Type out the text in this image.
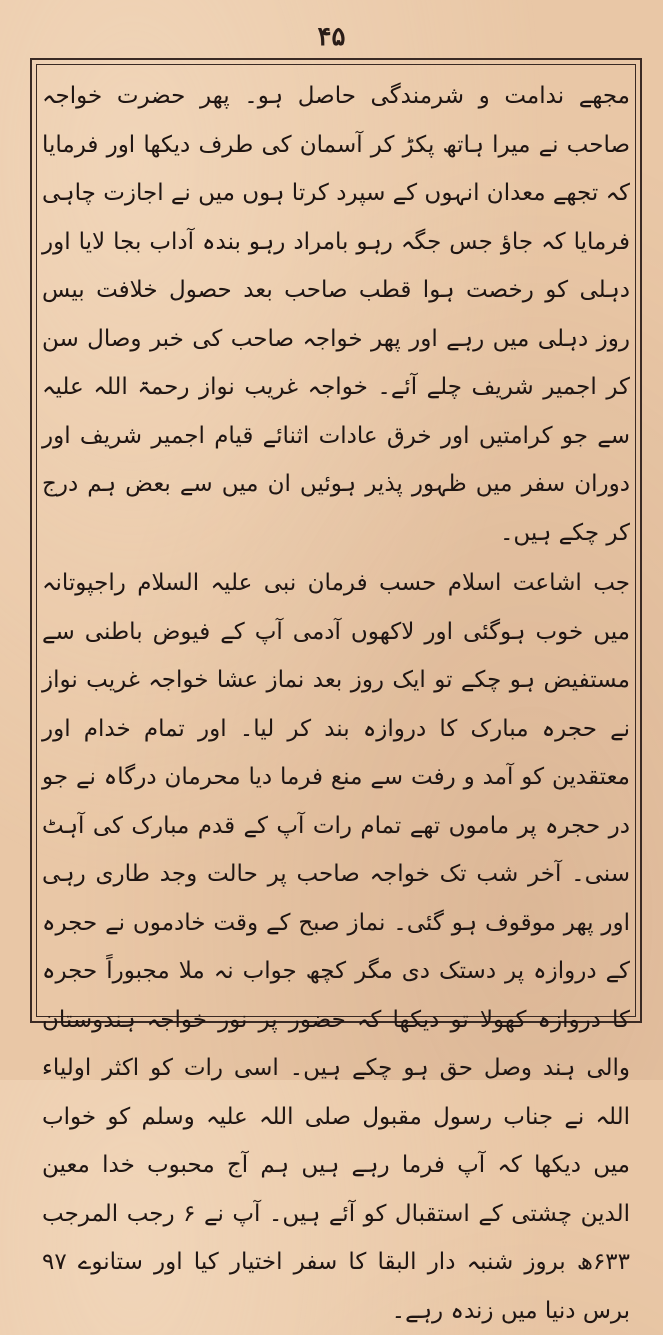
۴۵

مجھے ندامت و شرمندگی حاصل ہو۔ پھر حضرت خواجہ صاحب نے میرا ہاتھ پکڑ کر آسمان کی طرف دیکھا اور فرمایا کہ تجھے معدان انہوں کے سپرد کرتا ہوں میں نے اجازت چاہی فرمایا کہ جاؤ جس جگہ رہو بامراد رہو بندہ آداب بجا لایا اور دہلی کو رخصت ہوا قطب صاحب بعد حصول خلافت بیس روز دہلی میں رہے اور پھر خواجہ صاحب کی خبر وصال سن کر اجمیر شریف چلے آئے۔ خواجہ غریب نواز رحمۃ اللہ علیہ سے جو کرامتیں اور خرق عادات اثنائے قیام اجمیر شریف اور دوران سفر میں ظہور پذیر ہوئیں ان میں سے بعض ہم درج کر چکے ہیں۔

جب اشاعت اسلام حسب فرمان نبی علیہ السلام راجپوتانہ میں خوب ہوگئی اور لاکھوں آدمی آپ کے فیوض باطنی سے مستفیض ہو چکے تو ایک روز بعد نماز عشا خواجہ غریب نواز نے حجرہ مبارک کا دروازہ بند کر لیا۔ اور تمام خدام اور معتقدین کو آمد و رفت سے منع فرما دیا محرمان درگاہ نے جو در حجرہ پر ماموں تھے تمام رات آپ کے قدم مبارک کی آہٹ سنی۔ آخر شب تک خواجہ صاحب پر حالت وجد طاری رہی اور پھر موقوف ہو گئی۔ نماز صبح کے وقت خادموں نے حجرہ کے دروازہ پر دستک دی مگر کچھ جواب نہ ملا مجبوراً حجرہ کا دروازہ کھولا تو دیکھا کہ حضور پر نور خواجہ ہندوستان والی ہند وصل حق ہو چکے ہیں۔ اسی رات کو اکثر اولیاء اللہ نے جناب رسول مقبول صلی اللہ علیہ وسلم کو خواب میں دیکھا کہ آپ فرما رہے ہیں ہم آج محبوب خدا معین الدین چشتی کے استقبال کو آئے ہیں۔ آپ نے ۶ رجب المرجب ۶۳۳ھ بروز شنبہ دار البقا کا سفر اختیار کیا اور ستانوے ۹۷ برس دنیا میں زندہ رہے۔
